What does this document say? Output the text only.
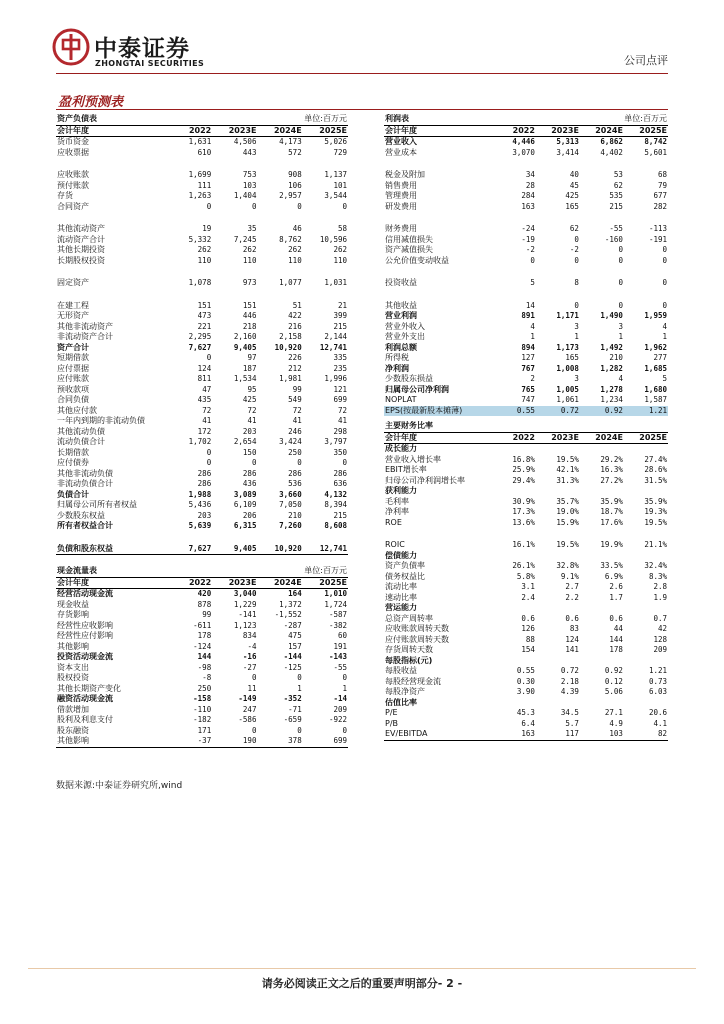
中泰证券
ZHONGTAI SECURITIES	公司点评
盈利预测表
资产负债表		单位:百万元		
会计年度	2022	2023E	2024E	2025E
货币资金	1,631	4,506	4,173	5,026
应收票据	610	443	572	729

应收账款	1,699	753	908	1,137
预付账款	111	103	106	101
存货	1,263	1,404	2,957	3,544
合同资产	0	0	0	0

其他流动资产	19	35	46	58
流动资产合计	5,332	7,245	8,762	10,596
其他长期投资	262	262	262	262
长期股权投资	110	110	110	110

固定资产	1,078	973	1,077	1,031

在建工程	151	151	51	21
无形资产	473	446	422	399
其他非流动资产	221	218	216	215
非流动资产合计	2,295	2,160	2,158	2,144
资产合计	7,627	9,405	10,920	12,741
短期借款	0	97	226	335
应付票据	124	187	212	235
应付账款	811	1,534	1,981	1,996
预收款项	47	95	99	121
合同负债	435	425	549	699
其他应付款	72	72	72	72
一年内到期的非流动负债	41	41	41	41
其他流动负债	172	203	246	298
流动负债合计	1,702	2,654	3,424	3,797
长期借款	0	150	250	350
应付债券	0	0	0	0
其他非流动负债	286	286	286	286
非流动负债合计	286	436	536	636
负债合计	1,988	3,089	3,660	4,132
归属母公司所有者权益	5,436	6,109	7,050	8,394
少数股东权益	203	206	210	215
所有者权益合计	5,639	6,315	7,260	8,608

负债和股东权益	7,627	9,405	10,920	12,741
现金流量表		单位:百万元		
会计年度	2022	2023E	2024E	2025E
经营活动现金流	420	3,040	164	1,010
现金收益	878	1,229	1,372	1,724
存货影响	99	-141	-1,552	-587
经营性应收影响	-611	1,123	-287	-382
经营性应付影响	178	834	475	60
其他影响	-124	-4	157	191
投资活动现金流	144	-16	-144	-143
资本支出	-98	-27	-125	-55
股权投资	-8	0	0	0
其他长期资产变化	250	11	1	1
融资活动现金流	-158	-149	-352	-14
借款增加	-110	247	-71	209
股利及利息支付	-182	-586	-659	-922
股东融资	171	0	0	0
其他影响	-37	190	378	699
利润表		单位:百万元		
会计年度	2022	2023E	2024E	2025E
营业收入	4,446	5,313	6,862	8,742
营业成本	3,070	3,414	4,402	5,601

税金及附加	34	40	53	68
销售费用	28	45	62	79
管理费用	284	425	535	677
研发费用	163	165	215	282

财务费用	-24	62	-55	-113
信用减值损失	-19	0	-160	-191
资产减值损失	-2	-2	0	0
公允价值变动收益	0	0	0	0

投资收益	5	8	0	0

其他收益	14	0	0	0
营业利润	891	1,171	1,490	1,959
营业外收入	4	3	3	4
营业外支出	1	1	1	1
利润总额	894	1,173	1,492	1,962
所得税	127	165	210	277
净利润	767	1,008	1,282	1,685
少数股东损益	2	3	4	5
归属母公司净利润	765	1,005	1,278	1,680
NOPLAT	747	1,061	1,234	1,587
EPS(按最新股本摊薄)	0.55	0.72	0.92	1.21
主要财务比率				
会计年度	2022	2023E	2024E	2025E
成长能力				
营业收入增长率	16.8%	19.5%	29.2%	27.4%
EBIT增长率	25.9%	42.1%	16.3%	28.6%
归母公司净利润增长率	29.4%	31.3%	27.2%	31.5%
获利能力				
毛利率	30.9%	35.7%	35.9%	35.9%
净利率	17.3%	19.0%	18.7%	19.3%
ROE	13.6%	15.9%	17.6%	19.5%

ROIC	16.1%	19.5%	19.9%	21.1%
偿债能力				
资产负债率	26.1%	32.8%	33.5%	32.4%
债务权益比	5.8%	9.1%	6.9%	8.3%
流动比率	3.1	2.7	2.6	2.8
速动比率	2.4	2.2	1.7	1.9
营运能力				
总资产周转率	0.6	0.6	0.6	0.7
应收账款周转天数	126	83	44	42
应付账款周转天数	88	124	144	128
存货周转天数	154	141	178	209
每股指标(元)				
每股收益	0.55	0.72	0.92	1.21
每股经营现金流	0.30	2.18	0.12	0.73
每股净资产	3.90	4.39	5.06	6.03
估值比率				
P/E	45.3	34.5	27.1	20.6
P/B	6.4	5.7	4.9	4.1
EV/EBITDA	163	117	103	82
数据来源:中泰证券研究所,wind
请务必阅读正文之后的重要声明部分- 2 -
